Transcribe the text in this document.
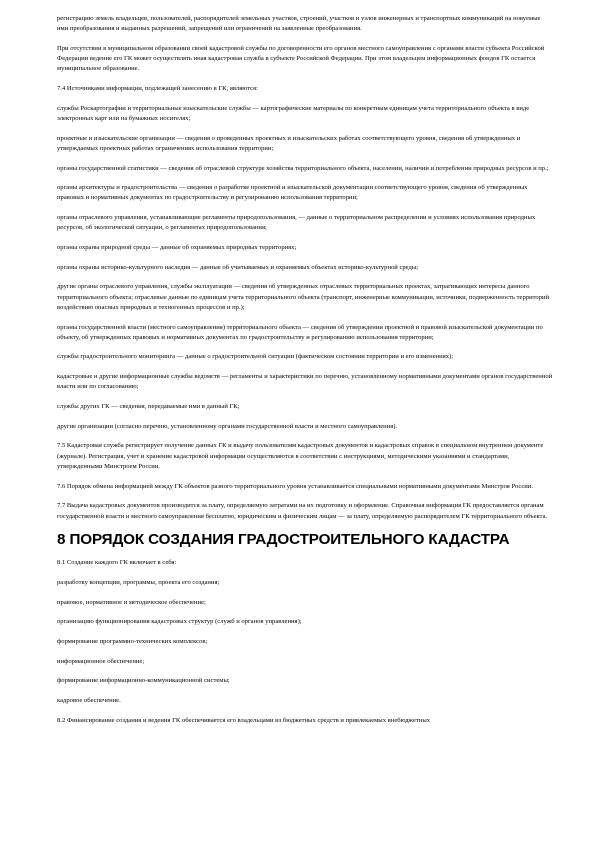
регистрацию земель владельцев, пользователей, распорядителей земельных участков, строений, участков и узлов инженерных и транспортных коммуникаций на новуемые ими преобразования и выданных разрешений, запрещений или ограничений на заявленные преобразования.

При отсутствии в муниципальном образовании своей кадастровой службы по договоренности его органов местного самоуправления с органами власти субъекта Российской Федерации ведение его ГК может осуществлять иная кадастровая служба в субъекте Российской Федерации. При этом владельцем информационных фондов ГК остается муниципальное образование.

7.4 Источниками информации, подлежащей занесению в ГК, являются:

службы Роскартографии и территориальные изыскательские службы — картографические материалы по конкретным единицам учета территориального объекта в виде электронных карт или на бумажных носителях;

проектные и изыскательские организации — сведения о проведенных проектных и изыскательских работах соответствующего уровня, сведения об утвержденных и утверждаемых проектных работах ограничениях использования территории;

органы государственной статистики — сведения об отраслевой структуре хозяйства территориального объекта, населении, наличии и потреблении природных ресурсов и пр.;

органы архитектуры и градостроительства — сведения о разработке проектной и изыскательской документации соответствующего уровня, сведения об утвержденных правовых и нормативных документах по градостроительству и регулированию использования территории;

органы отраслевого управления, устанавливающие регламенты природопользования, — данные о территориальном распределении и условиях использования природных ресурсов, об экологической ситуации, о регламентах природопользования;

органы охраны природной среды — данные об охраняемых природных территориях;

органы охраны историко-культурного наследия — данные об учитываемых и охраняемых объектах историко-культурной среды;

другие органы отраслевого управления, службы эксплуатации — сведения об утвержденных отраслевых территориальных проектах, затрагивающих интересы данного территориального объекта; отраслевые данные по единицам учета территориального объекта (транспорт, инженерные коммуникации, источники, подверженность территорий воздействию опасных природных и техногенных процессов и пр.);

органы государственной власти (местного самоуправления) территориального объекта — сведения об утверждении проектной и правовой изыскательской документации по объекту, об утвержденных правовых и нормативных документах по градостроительству и регулированию использования территории;

службы градостроительного мониторинга — данные о градостроительной ситуации (фактическом состоянии территории и его изменениях);

кадастровые и другие информационные службы ведомств — регламенты и характеристики по перечню, установленному нормативными документами органов государственной власти или по согласованию;

службы других ГК — сведения, передаваемые ими в данный ГК;

другие организации (согласно перечню, установленному органами государственной власти и местного самоуправления).

7.5 Кадастровая служба регистрирует получение данных ГК и выдачу пользователям кадастровых документов и кадастровых справок в специальном внутреннем документе (журнале). Регистрация, учет и хранение кадастровой информации осуществляются в соответствии с инструкциями, методическими указаниями и стандартами, утвержденными Минстроем России.

7.6 Порядок обмена информацией между ГК объектов разного территориального уровня устанавливается специальными нормативными документами Минстроя России.

7.7 Выдача кадастровых документов производится за плату, определяемую затратами на их подготовку и оформление. Справочная информация ГК предоставляется органам государственной власти и местного самоуправления бесплатно, юридическим и физическим лицам — за плату, определяемую распорядителем ГК территориального объекта.

8 ПОРЯДОК СОЗДАНИЯ ГРАДОСТРОИТЕЛЬНОГО КАДАСТРА

8.1 Создание каждого ГК включает в себя:

разработку концепции, программы, проекта его создания;

правовое, нормативное и методическое обеспечение;

организацию функционирования кадастровых структур (служб и органов управления);

формирование программно-технических комплексов;

информационное обеспечение;

формирование информационно-коммуникационной системы;

кадровое обеспечение.

8.2 Финансирование создания и ведения ГК обеспечивается его владельцами из бюджетных средств и привлекаемых внебюджетных
